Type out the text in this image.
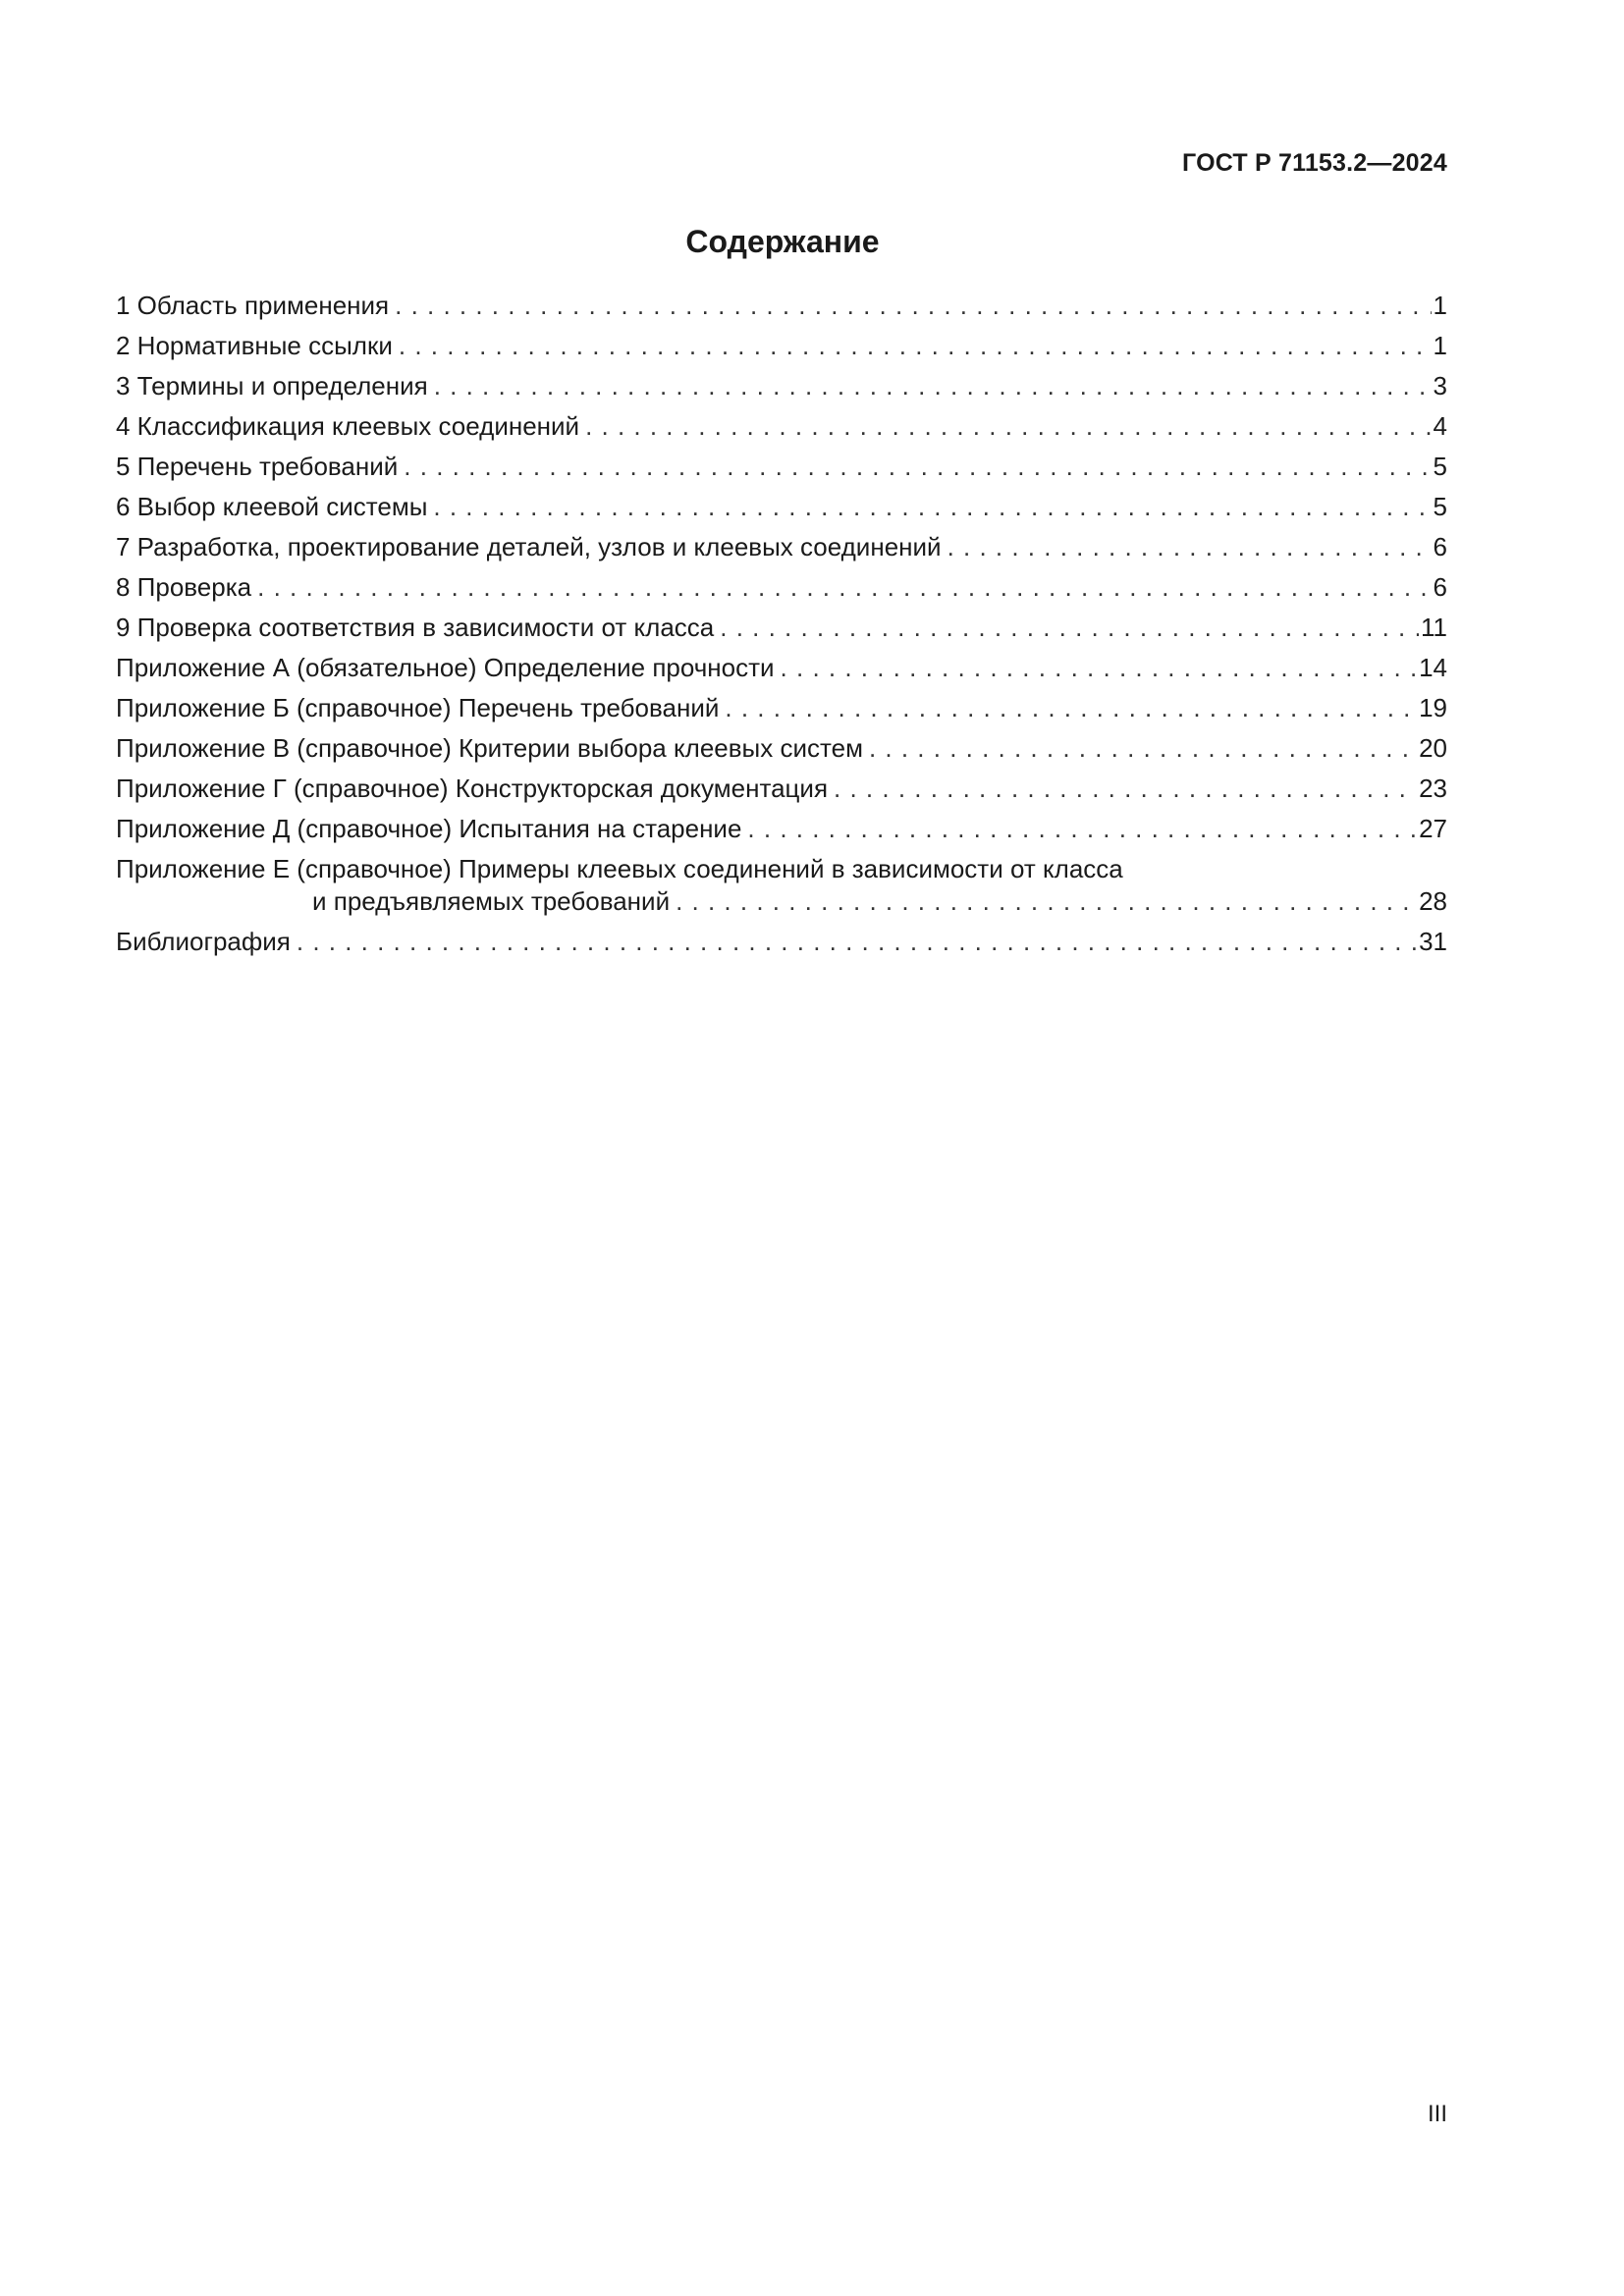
ГОСТ Р 71153.2—2024
Содержание
1 Область применения . . .	1
2 Нормативные ссылки . . .	1
3 Термины и определения . . .	3
4 Классификация клеевых соединений . . .	4
5 Перечень требований . . .	5
6 Выбор клеевой системы . . .	5
7 Разработка, проектирование деталей, узлов и клеевых соединений . . .	6
8 Проверка . . .	6
9 Проверка соответствия в зависимости от класса . . .	11
Приложение А (обязательное) Определение прочности . . .	14
Приложение Б (справочное) Перечень требований . . .	19
Приложение В (справочное) Критерии выбора клеевых систем . . .	20
Приложение Г (справочное) Конструкторская документация . . .	23
Приложение Д (справочное) Испытания на старение . . .	27
Приложение Е (справочное) Примеры клеевых соединений в зависимости от класса
и предъявляемых требований . . .	28
Библиография . . .	31
III
